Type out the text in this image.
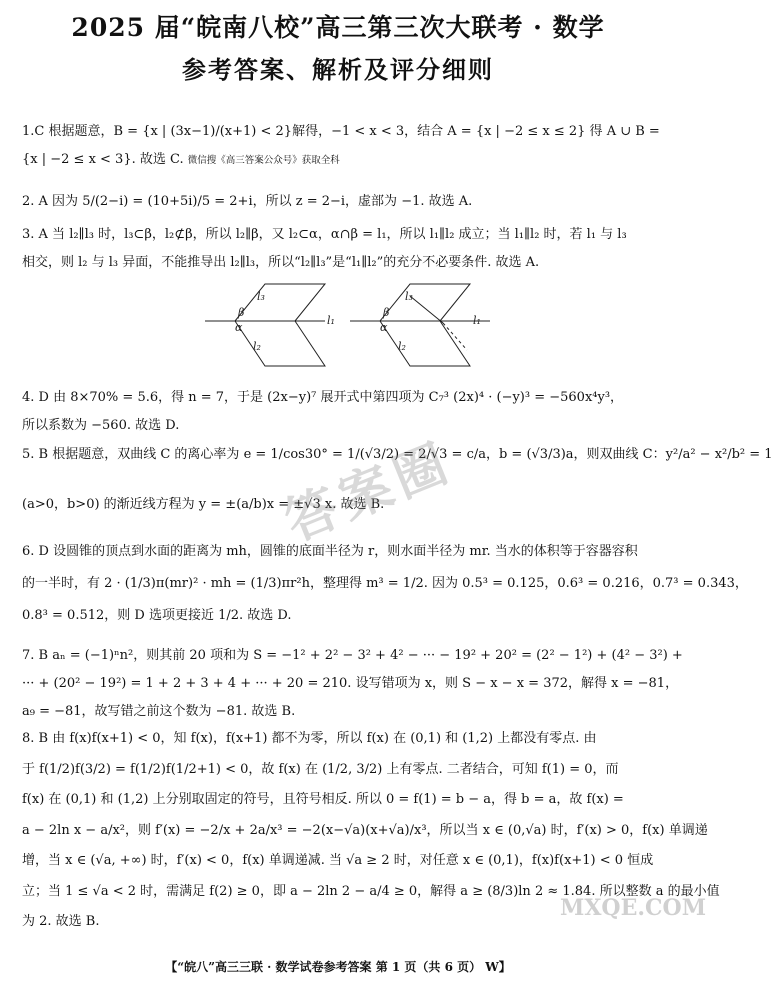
2025 届“皖南八校”高三第三次大联考 · 数学
参考答案、解析及评分细则
1.C 根据题意，B = {x | (3x−1)/(x+1) < 2}解得，−1 < x < 3，结合 A = {x | −2 ≤ x ≤ 2} 得 A ∪ B =
{x | −2 ≤ x < 3}. 故选 C. 微信搜《高三答案公众号》获取全科
2. A 因为 5/(2−i) = (10+5i)/5 = 2+i，所以 z = 2−i，虚部为 −1. 故选 A.
3. A 当 l₂∥l₃ 时，l₃⊂β，l₂⊄β，所以 l₂∥β，又 l₂⊂α，α∩β = l₁，所以 l₁∥l₂ 成立；当 l₁∥l₂ 时，若 l₁ 与 l₃
相交，则 l₂ 与 l₃ 异面，不能推导出 l₂∥l₃，所以“l₂∥l₃”是“l₁∥l₂”的充分不必要条件. 故选 A.
l₃
β
α
l₁
l₂
l₃
β
α
l₁
l₂
4. D 由 8×70% = 5.6，得 n = 7，于是 (2x−y)⁷ 展开式中第四项为 C₇³ (2x)⁴ · (−y)³ = −560x⁴y³，
所以系数为 −560. 故选 D.
5. B 根据题意，双曲线 C 的离心率为 e = 1/cos30° = 1/(√3/2) = 2/√3 = c/a，b = (√3/3)a，则双曲线 C：y²/a² − x²/b² = 1
(a>0，b>0) 的渐近线方程为 y = ±(a/b)x = ±√3 x. 故选 B.
6. D 设圆锥的顶点到水面的距离为 mh，圆锥的底面半径为 r，则水面半径为 mr. 当水的体积等于容器容积
的一半时，有 2 · (1/3)π(mr)² · mh = (1/3)πr²h，整理得 m³ = 1/2. 因为 0.5³ = 0.125，0.6³ = 0.216，0.7³ = 0.343，
0.8³ = 0.512，则 D 选项更接近 1/2. 故选 D.
7. B aₙ = (−1)ⁿn²，则其前 20 项和为 S = −1² + 2² − 3² + 4² − ··· − 19² + 20² = (2² − 1²) + (4² − 3²) +
··· + (20² − 19²) = 1 + 2 + 3 + 4 + ··· + 20 = 210. 设写错项为 x，则 S − x − x = 372，解得 x = −81，
a₉ = −81，故写错之前这个数为 −81. 故选 B.
8. B 由 f(x)f(x+1) < 0，知 f(x)，f(x+1) 都不为零，所以 f(x) 在 (0,1) 和 (1,2) 上都没有零点. 由
于 f(1/2)f(3/2) = f(1/2)f(1/2+1) < 0，故 f(x) 在 (1/2, 3/2) 上有零点. 二者结合，可知 f(1) = 0，而
f(x) 在 (0,1) 和 (1,2) 上分别取固定的符号，且符号相反. 所以 0 = f(1) = b − a，得 b = a，故 f(x) =
a − 2ln x − a/x²，则 f′(x) = −2/x + 2a/x³ = −2(x−√a)(x+√a)/x³，所以当 x ∈ (0,√a) 时，f′(x) > 0，f(x) 单调递
增，当 x ∈ (√a, +∞) 时，f′(x) < 0，f(x) 单调递减. 当 √a ≥ 2 时，对任意 x ∈ (0,1)，f(x)f(x+1) < 0 恒成
立；当 1 ≤ √a < 2 时，需满足 f(2) ≥ 0，即 a − 2ln 2 − a/4 ≥ 0，解得 a ≥ (8/3)ln 2 ≈ 1.84. 所以整数 a 的最小值
为 2. 故选 B.
答案圈
MXQE.COM
【“皖八”高三三联 · 数学试卷参考答案 第 1 页（共 6 页） W】
